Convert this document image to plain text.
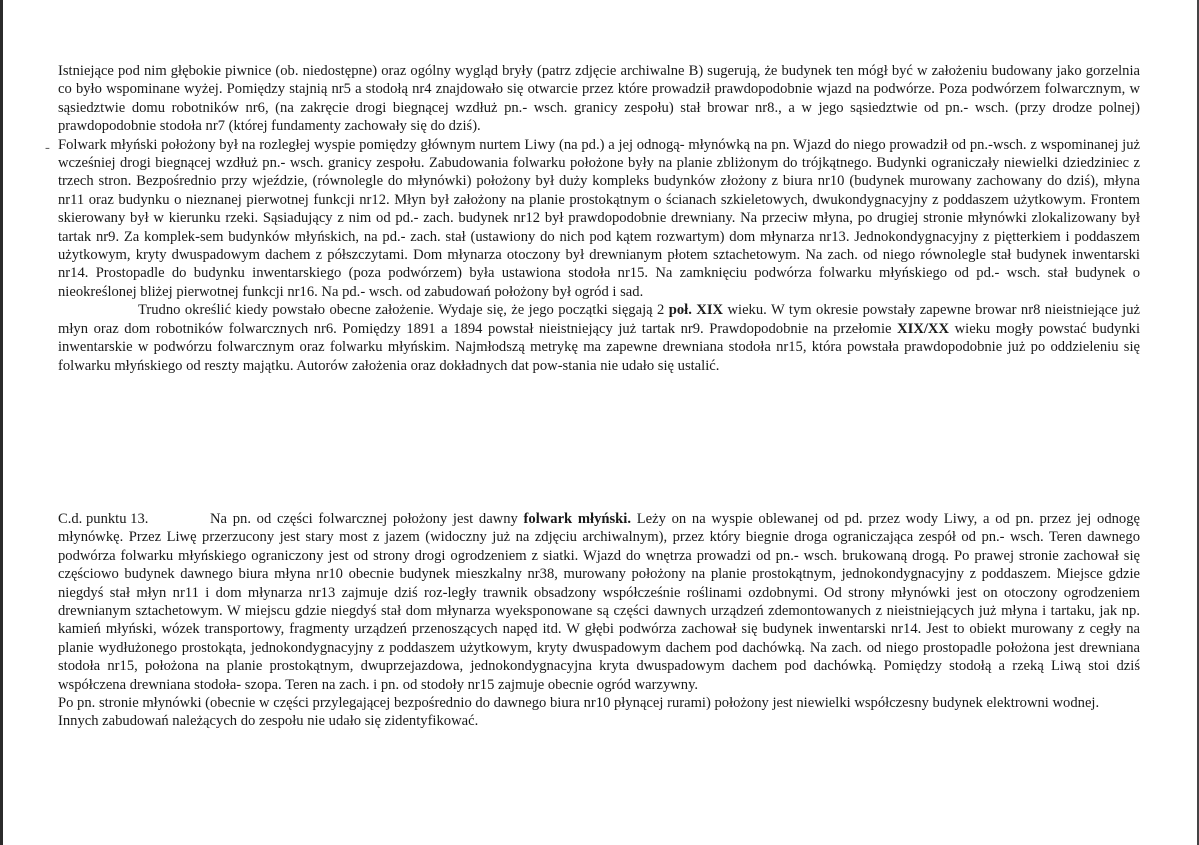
-

Istniejące pod nim głębokie piwnice (ob. niedostępne) oraz ogólny wygląd bryły (patrz zdjęcie archiwalne B) sugerują, że budynek ten mógł być w założeniu budowany jako gorzelnia co było wspominane wyżej. Pomiędzy stajnią nr5 a stodołą nr4 znajdowało się otwarcie przez które prowadził prawdopodobnie wjazd na podwórze. Poza podwórzem folwarcznym, w sąsiedztwie domu robotników nr6, (na zakręcie drogi biegnącej wzdłuż pn.- wsch. granicy zespołu) stał browar nr8., a w jego sąsiedztwie od pn.- wsch. (przy drodze polnej) prawdopodobnie stodoła nr7 (której fundamenty zachowały się do dziś).

Folwark młyński położony był na rozległej wyspie pomiędzy głównym nurtem Liwy (na pd.) a jej odnogą- młynówką na pn. Wjazd do niego prowadził od pn.-wsch. z wspominanej już wcześniej drogi biegnącej wzdłuż pn.- wsch. granicy zespołu. Zabudowania folwarku położone były na planie zbliżonym do trójkątnego. Budynki ograniczały niewielki dziedziniec z trzech stron. Bezpośrednio przy wjeździe, (równolegle do młynówki) położony był duży kompleks budynków złożony z biura nr10 (budynek murowany zachowany do dziś), młyna nr11 oraz budynku o nieznanej pierwotnej funkcji nr12. Młyn był założony na planie prostokątnym o ścianach szkieletowych, dwukondygnacyjny z poddaszem użytkowym. Frontem skierowany był w kierunku rzeki. Sąsiadujący z nim od pd.- zach. budynek nr12 był prawdopodobnie drewniany. Na przeciw młyna, po drugiej stronie młynówki zlokalizowany był tartak nr9. Za komplek-sem budynków młyńskich, na pd.- zach. stał (ustawiony do nich pod kątem rozwartym) dom młynarza nr13. Jednokondygnacyjny z piętterkiem i poddaszem użytkowym, kryty dwuspadowym dachem z półszczytami. Dom młynarza otoczony był drewnianym płotem sztachetowym. Na zach. od niego równolegle stał budynek inwentarski nr14. Prostopadle do budynku inwentarskiego (poza podwórzem) była ustawiona stodoła nr15. Na zamknięciu podwórza folwarku młyńskiego od pd.- wsch. stał budynek o nieokreślonej bliżej pierwotnej funkcji nr16. Na pd.- wsch. od zabudowań położony był ogród i sad.

Trudno określić kiedy powstało obecne założenie. Wydaje się, że jego początki sięgają 2 poł. XIX wieku. W tym okresie powstały zapewne browar nr8 nieistniejące już młyn oraz dom robotników folwarcznych nr6. Pomiędzy 1891 a 1894 powstał nieistniejący już tartak nr9. Prawdopodobnie na przełomie XIX/XX wieku mogły powstać budynki inwentarskie w podwórzu folwarcznym oraz folwarku młyńskim. Najmłodszą metrykę ma zapewne drewniana stodoła nr15, która powstała prawdopodobnie już po oddzieleniu się folwarku młyńskiego od reszty majątku. Autorów założenia oraz dokładnych dat pow-stania nie udało się ustalić.

C.d. punktu 13.	Na pn. od części folwarcznej położony jest dawny folwark młyński. Leży on na wyspie oblewanej od pd. przez wody Liwy, a od pn. przez jej odnogę młynówkę. Przez Liwę przerzucony jest stary most z jazem (widoczny już na zdjęciu archiwalnym), przez który biegnie droga ograniczająca zespół od pn.- wsch. Teren dawnego podwórza folwarku młyńskiego ograniczony jest od strony drogi ogrodzeniem z siatki. Wjazd do wnętrza prowadzi od pn.- wsch. brukowaną drogą. Po prawej stronie zachował się częściowo budynek dawnego biura młyna nr10 obecnie budynek mieszkalny nr38, murowany położony na planie prostokątnym, jednokondygnacyjny z poddaszem. Miejsce gdzie niegdyś stał młyn nr11 i dom młynarza nr13 zajmuje dziś roz-legły trawnik obsadzony współcześnie roślinami ozdobnymi. Od strony młynówki jest on otoczony ogrodzeniem drewnianym sztachetowym. W miejscu gdzie niegdyś stał dom młynarza wyeksponowane są części dawnych urządzeń zdemontowanych z nieistniejących już młyna i tartaku, jak np. kamień młyński, wózek transportowy, fragmenty urządzeń przenoszących napęd itd. W głębi podwórza zachował się budynek inwentarski nr14. Jest to obiekt murowany z cegły na planie wydłużonego prostokąta, jednokondygnacyjny z poddaszem użytkowym, kryty dwuspadowym dachem pod dachówką. Na zach. od niego prostopadle położona jest drewniana stodoła nr15, położona na planie prostokątnym, dwuprzejazdowa, jednokondygnacyjna kryta dwuspadowym dachem pod dachówką. Pomiędzy stodołą a rzeką Liwą stoi dziś współczena drewniana stodoła- szopa. Teren na zach. i pn. od stodoły nr15 zajmuje obecnie ogród warzywny.

Po pn. stronie młynówki (obecnie w części przylegającej bezpośrednio do dawnego biura nr10 płynącej rurami) położony jest niewielki współczesny budynek elektrowni wodnej.

Innych zabudowań należących do zespołu nie udało się zidentyfikować.
